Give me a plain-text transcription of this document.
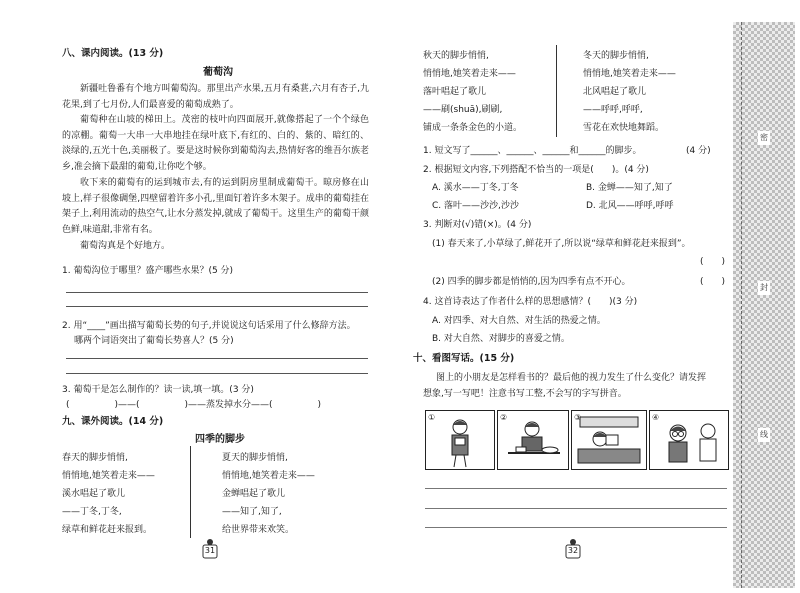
八、课内阅读。(13 分)
葡萄沟
新疆吐鲁番有个地方叫葡萄沟。那里出产水果,五月有桑葚,六月有杏子,九花果,到了七月份,人们最喜爱的葡萄成熟了。
葡萄种在山坡的梯田上。茂密的枝叶向四面展开,就像搭起了一个个绿色的凉棚。葡萄一大串一大串地挂在绿叶底下,有红的、白的、紫的、暗红的、淡绿的,五光十色,美丽极了。要是这时候你到葡萄沟去,热情好客的维吾尔族老乡,准会摘下最甜的葡萄,让你吃个够。
收下来的葡萄有的运到城市去,有的运到阴房里制成葡萄干。晾房修在山坡上,样子很像碉堡,四壁留着许多小孔,里面钉着许多木架子。成串的葡萄挂在架子上,利用流动的热空气,让水分蒸发掉,就成了葡萄干。这里生产的葡萄干颜色鲜,味道甜,非常有名。
葡萄沟真是个好地方。
1. 葡萄沟位于哪里？盛产哪些水果？(5 分)
2. 用“____”画出描写葡萄长势的句子,并说说这句话采用了什么修辞方法。
哪两个词语突出了葡萄长势喜人？(5 分)
3. 葡萄干是怎么制作的？读一读,填一填。(3 分)
(　　　　　)——(　　　　　)——蒸发掉水分——(　　　　　)
九、课外阅读。(14 分)
四季的脚步
春天的脚步悄悄,
悄悄地,她笑着走来——
溪水唱起了歌儿
——丁冬,丁冬,
绿草和鲜花赶来报到。
夏天的脚步悄悄,
悄悄地,她笑着走来——
金蝉唱起了歌儿
——知了,知了,
给世界带来欢笑。
31
秋天的脚步悄悄,
悄悄地,她笑着走来——
落叶唱起了歌儿
——刷(shuā),刷刷,
铺成一条条金色的小道。
冬天的脚步悄悄,
悄悄地,她笑着走来——
北风唱起了歌儿
——呼呼,呼呼,
雪花在欢快地舞蹈。
1. 短文写了______、______、______和______的脚步。	(4 分)
2. 根据短文内容,下列搭配不恰当的一项是(　　)。(4 分)
A. 溪水——丁冬,丁冬	B. 金蝉——知了,知了
C. 落叶——沙沙,沙沙	D. 北风——呼呼,呼呼
3. 判断对(√)错(×)。(4 分)
(1) 春天来了,小草绿了,鲜花开了,所以说“绿草和鲜花赶来报到”。
(　　)
(2) 四季的脚步都是悄悄的,因为四季有点不开心。	(　　)
4. 这首诗表达了作者什么样的思想感情？(　　)(3 分)
A. 对四季、对大自然、对生活的热爱之情。
B. 对大自然、对脚步的喜爱之情。
十、看图写话。(15 分)
图上的小朋友是怎样看书的？最后他的视力发生了什么变化？请发挥
想象,写一写吧！注意书写工整,不会写的字写拼音。
①	②	③	④
32
密
封
线
